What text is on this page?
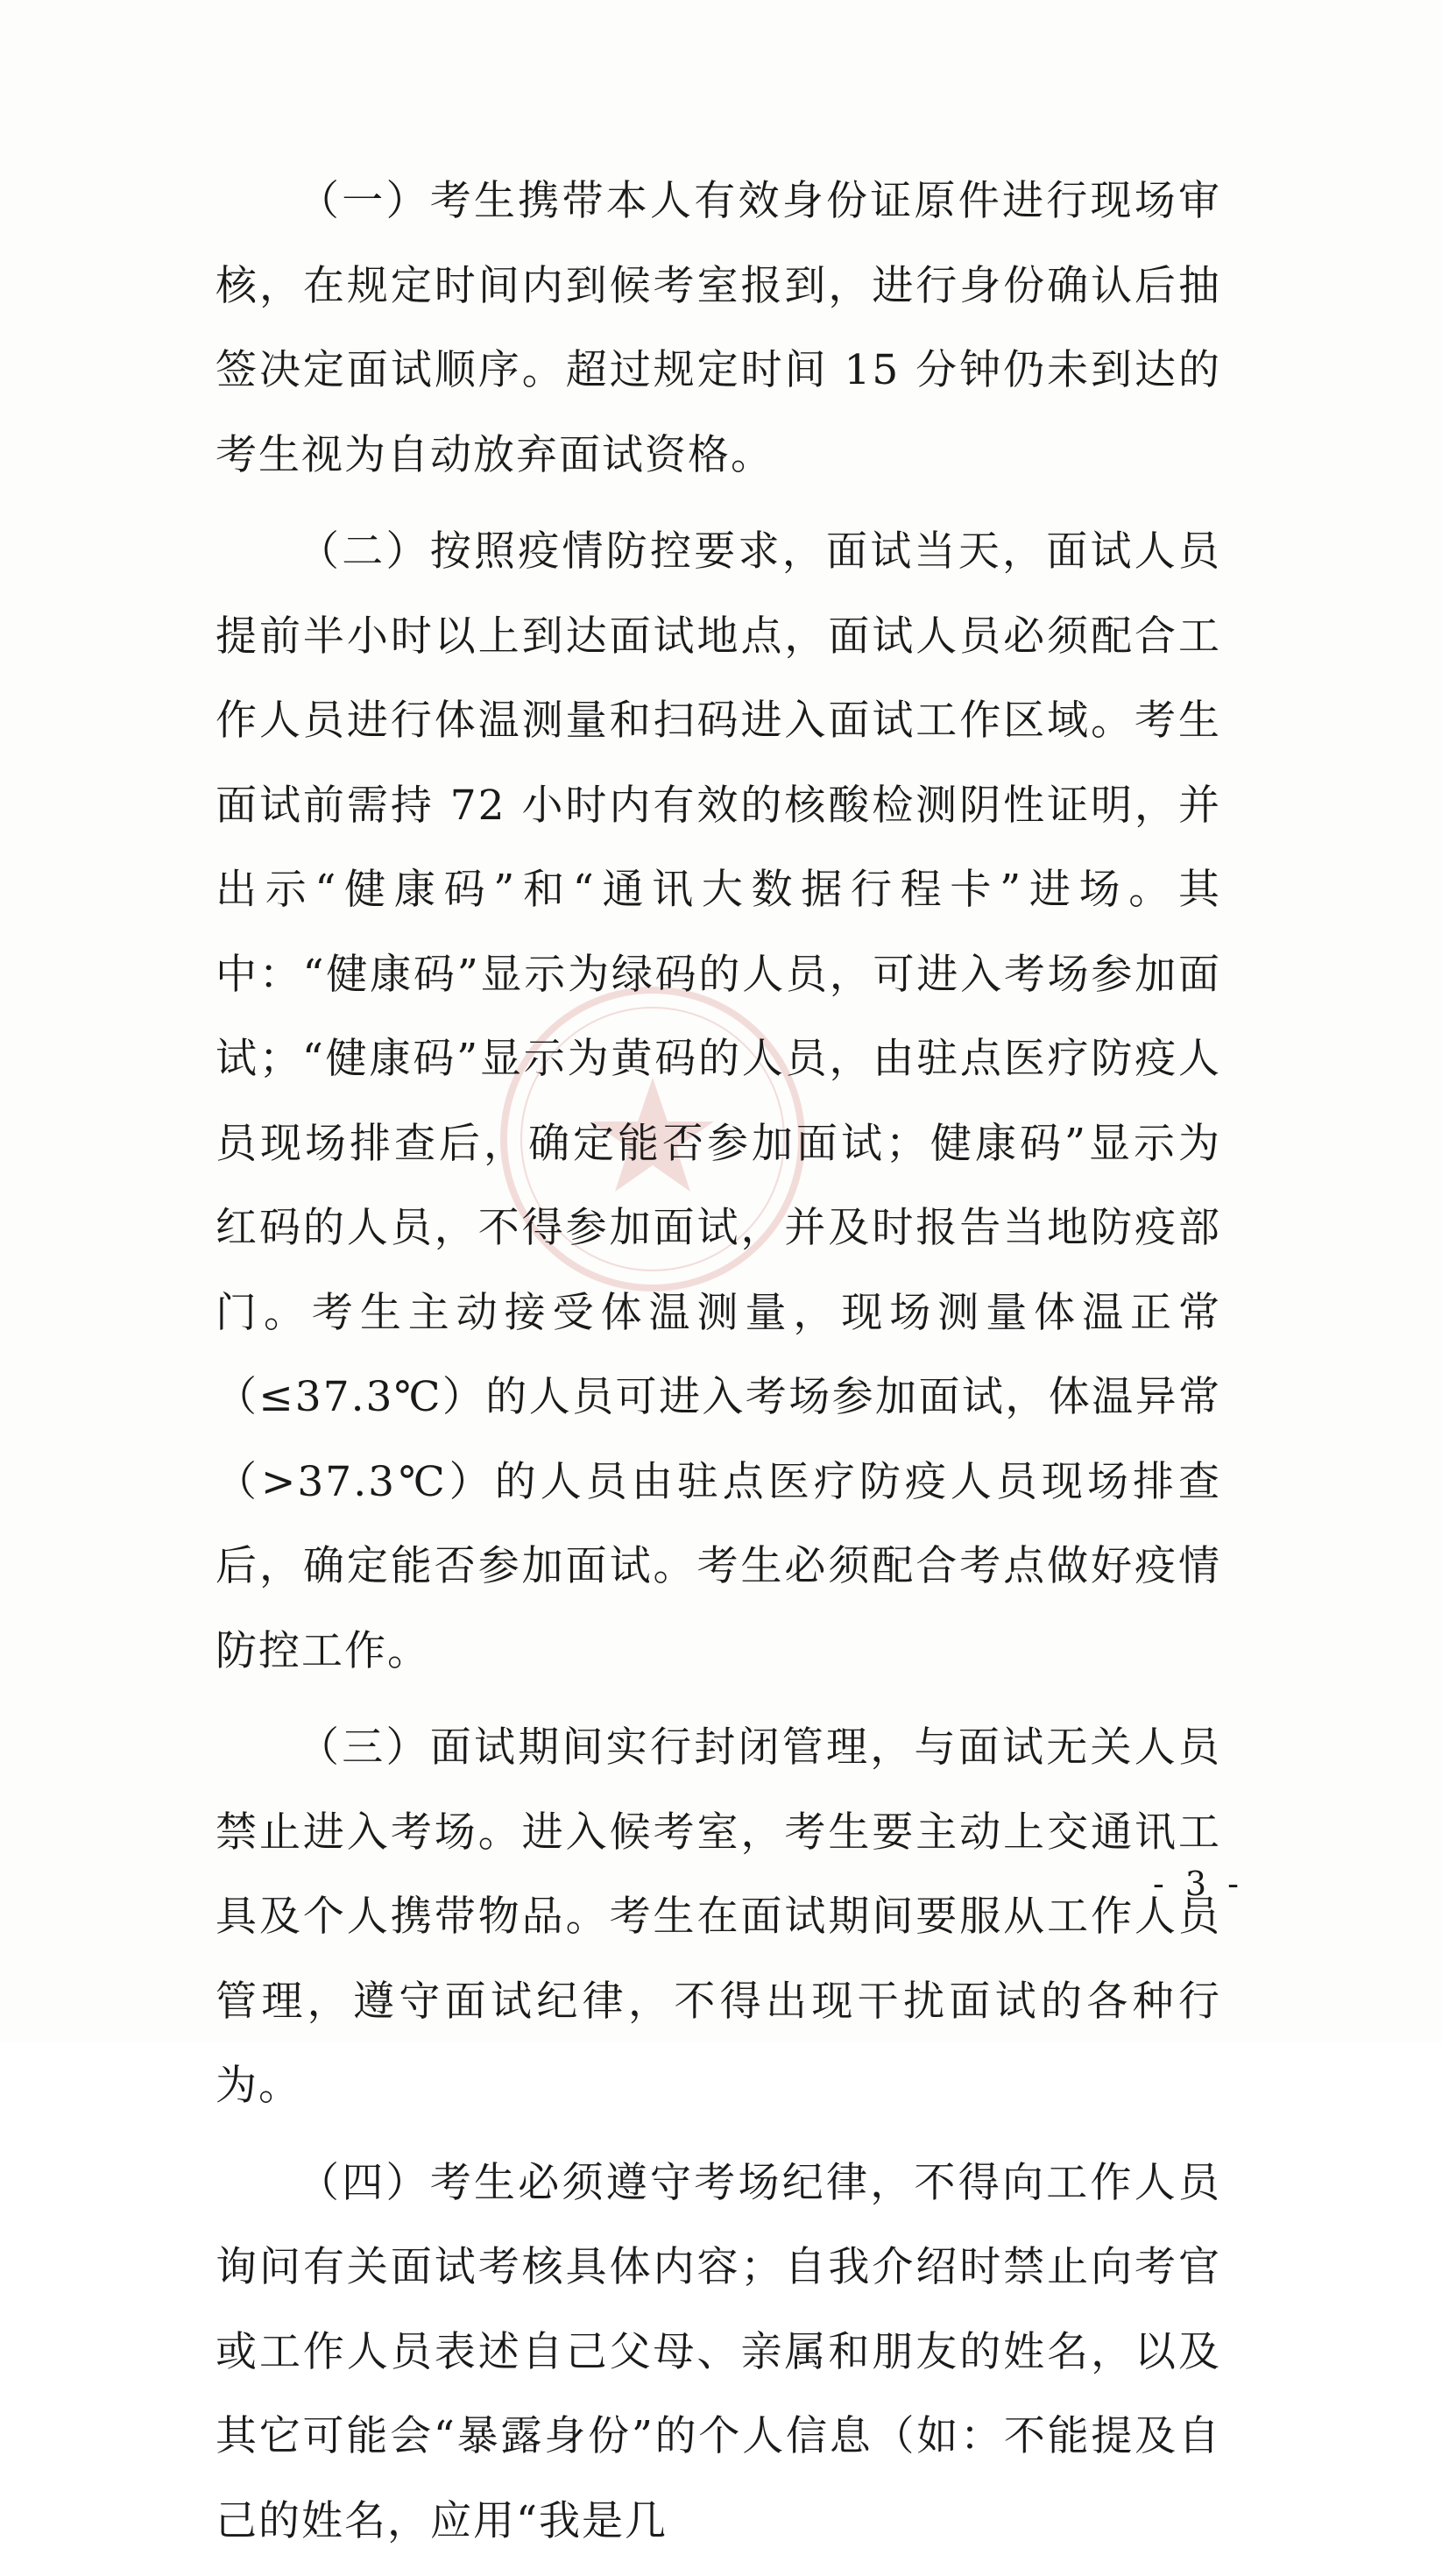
（一）考生携带本人有效身份证原件进行现场审核，在规定时间内到候考室报到，进行身份确认后抽签决定面试顺序。超过规定时间 15 分钟仍未到达的考生视为自动放弃面试资格。

（二）按照疫情防控要求，面试当天，面试人员提前半小时以上到达面试地点，面试人员必须配合工作人员进行体温测量和扫码进入面试工作区域。考生面试前需持 72 小时内有效的核酸检测阴性证明，并出示“健康码”和“通讯大数据行程卡”进场。其中：“健康码”显示为绿码的人员，可进入考场参加面试；“健康码”显示为黄码的人员，由驻点医疗防疫人员现场排查后，确定能否参加面试；健康码”显示为红码的人员，不得参加面试，并及时报告当地防疫部门。考生主动接受体温测量，现场测量体温正常（≤37.3℃）的人员可进入考场参加面试，体温异常（>37.3℃）的人员由驻点医疗防疫人员现场排查后，确定能否参加面试。考生必须配合考点做好疫情防控工作。

（三）面试期间实行封闭管理，与面试无关人员禁止进入考场。进入候考室，考生要主动上交通讯工具及个人携带物品。考生在面试期间要服从工作人员管理，遵守面试纪律，不得出现干扰面试的各种行为。

（四）考生必须遵守考场纪律，不得向工作人员询问有关面试考核具体内容；自我介绍时禁止向考官或工作人员表述自己父母、亲属和朋友的姓名，以及其它可能会“暴露身份”的个人信息（如：不能提及自己的姓名，应用“我是几

- 3 -
